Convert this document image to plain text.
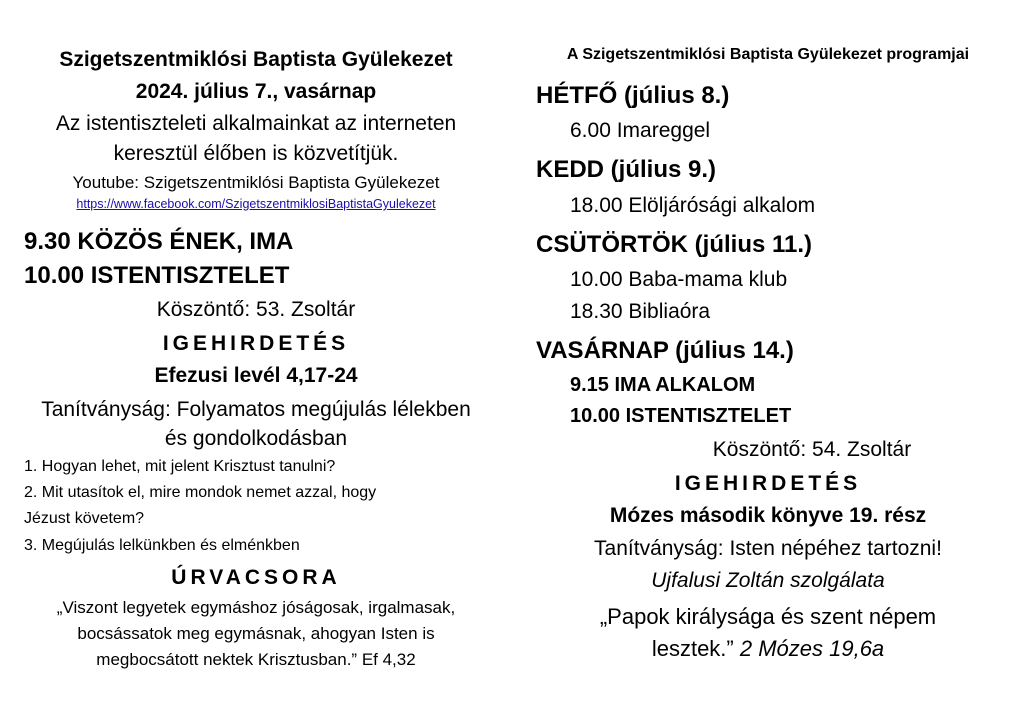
Szigetszentmiklósi Baptista Gyülekezet
2024. július 7., vasárnap
Az istentiszteleti alkalmainkat az interneten
keresztül élőben is közvetítjük.
Youtube: Szigetszentmiklósi Baptista Gyülekezet
https://www.facebook.com/SzigetszentmiklosiBaptistaGyulekezet
9.30 KÖZÖS ÉNEK, IMA
10.00 ISTENTISZTELET
Köszöntő: 53. Zsoltár
IGEHIRDETÉS
Efezusi levél 4,17-24
Tanítványság: Folyamatos megújulás lélekben
és gondolkodásban
1. Hogyan lehet, mit jelent Krisztust tanulni?
2. Mit utasítok el, mire mondok nemet azzal, hogy
Jézust követem?
3. Megújulás lelkünkben és elménkben
ÚRVACSORA
„Viszont legyetek egymáshoz jóságosak, irgalmasak,
bocsássatok meg egymásnak, ahogyan Isten is
megbocsátott nektek Krisztusban.” Ef 4,32
A Szigetszentmiklósi Baptista Gyülekezet programjai
HÉTFŐ (július 8.)
6.00 Imareggel
KEDD (július 9.)
18.00 Elöljárósági alkalom
CSÜTÖRTÖK (július 11.)
10.00 Baba-mama klub
18.30 Bibliaóra
VASÁRNAP (július 14.)
9.15 IMA ALKALOM
10.00 ISTENTISZTELET
Köszöntő: 54. Zsoltár
IGEHIRDETÉS
Mózes második könyve 19. rész
Tanítványság: Isten népéhez tartozni!
Ujfalusi Zoltán szolgálata
„Papok királysága és szent népem
lesztek.” 2 Mózes 19,6a
